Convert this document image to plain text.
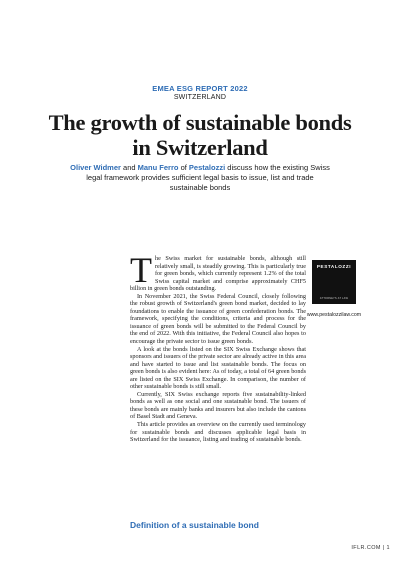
EMEA ESG REPORT 2022
SWITZERLAND
The growth of sustainable bonds
in Switzerland
Oliver Widmer and Manu Ferro of Pestalozzi discuss how the existing Swiss legal framework provides sufficient legal basis to issue, list and trade sustainable bonds

The Swiss market for sustainable bonds, although still relatively small, is steadily growing. This is particularly true for green bonds, which currently represent 1.2% of the total Swiss capital market and comprise approximately CHF5 billion in green bonds outstanding.

In November 2021, the Swiss Federal Council, closely following the robust growth of Switzerland's green bond market, decided to lay foundations to enable the issuance of green confederation bonds. The framework, specifying the conditions, criteria and process for the issuance of green bonds will be submitted to the Federal Council by the end of 2022. With this initiative, the Federal Council also hopes to encourage the private sector to issue green bonds.

A look at the bonds listed on the SIX Swiss Exchange shows that sponsors and issuers of the private sector are already active in this area and have started to issue and list sustainable bonds. The focus on green bonds is also evident here: As of today, a total of 64 green bonds are listed on the SIX Swiss Exchange. In comparison, the number of other sustainable bonds is still small.

Currently, SIX Swiss exchange reports five sustainability-linked bonds as well as one social and one sustainable bond. The issuers of these bonds are mainly banks and insurers but also include the cantons of Basel Stadt and Geneva.

This article provides an overview on the currently used terminology for sustainable bonds and discusses applicable legal basis in Switzerland for the issuance, listing and trading of sustainable bonds.

Definition of a sustainable bond
PESTALOZZI
ATTORNEYS AT LAW
www.pestalozzilaw.com
IFLR.COM | 1
